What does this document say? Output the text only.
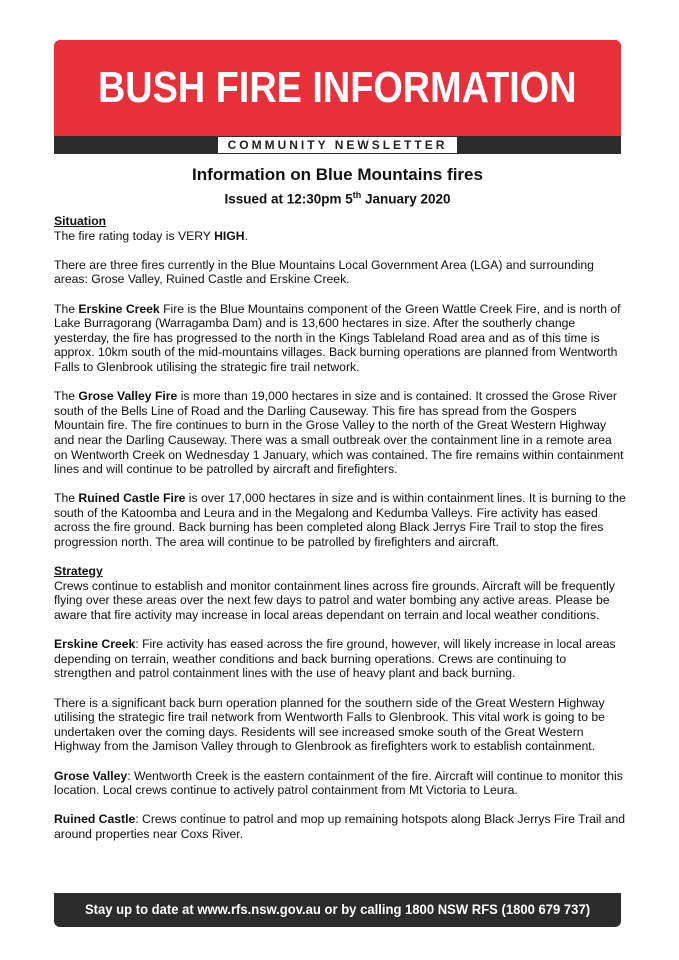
BUSH FIRE INFORMATION
COMMUNITY NEWSLETTER
Information on Blue Mountains fires
Issued at 12:30pm 5th January 2020

Situation
The fire rating today is VERY HIGH.

There are three fires currently in the Blue Mountains Local Government Area (LGA) and surrounding areas: Grose Valley, Ruined Castle and Erskine Creek.

The Erskine Creek Fire is the Blue Mountains component of the Green Wattle Creek Fire, and is north of Lake Burragorang (Warragamba Dam) and is 13,600 hectares in size. After the southerly change yesterday, the fire has progressed to the north in the Kings Tableland Road area and as of this time is approx. 10km south of the mid-mountains villages. Back burning operations are planned from Wentworth Falls to Glenbrook utilising the strategic fire trail network.

The Grose Valley Fire is more than 19,000 hectares in size and is contained. It crossed the Grose River south of the Bells Line of Road and the Darling Causeway. This fire has spread from the Gospers Mountain fire. The fire continues to burn in the Grose Valley to the north of the Great Western Highway and near the Darling Causeway. There was a small outbreak over the containment line in a remote area on Wentworth Creek on Wednesday 1 January, which was contained. The fire remains within containment lines and will continue to be patrolled by aircraft and firefighters.

The Ruined Castle Fire is over 17,000 hectares in size and is within containment lines. It is burning to the south of the Katoomba and Leura and in the Megalong and Kedumba Valleys. Fire activity has eased across the fire ground. Back burning has been completed along Black Jerrys Fire Trail to stop the fires progression north. The area will continue to be patrolled by firefighters and aircraft.

Strategy
Crews continue to establish and monitor containment lines across fire grounds. Aircraft will be frequently flying over these areas over the next few days to patrol and water bombing any active areas. Please be aware that fire activity may increase in local areas dependant on terrain and local weather conditions.

Erskine Creek: Fire activity has eased across the fire ground, however, will likely increase in local areas depending on terrain, weather conditions and back burning operations. Crews are continuing to strengthen and patrol containment lines with the use of heavy plant and back burning.

There is a significant back burn operation planned for the southern side of the Great Western Highway utilising the strategic fire trail network from Wentworth Falls to Glenbrook. This vital work is going to be undertaken over the coming days. Residents will see increased smoke south of the Great Western Highway from the Jamison Valley through to Glenbrook as firefighters work to establish containment.

Grose Valley: Wentworth Creek is the eastern containment of the fire. Aircraft will continue to monitor this location. Local crews continue to actively patrol containment from Mt Victoria to Leura.

Ruined Castle: Crews continue to patrol and mop up remaining hotspots along Black Jerrys Fire Trail and around properties near Coxs River.

Stay up to date at www.rfs.nsw.gov.au or by calling 1800 NSW RFS (1800 679 737)
